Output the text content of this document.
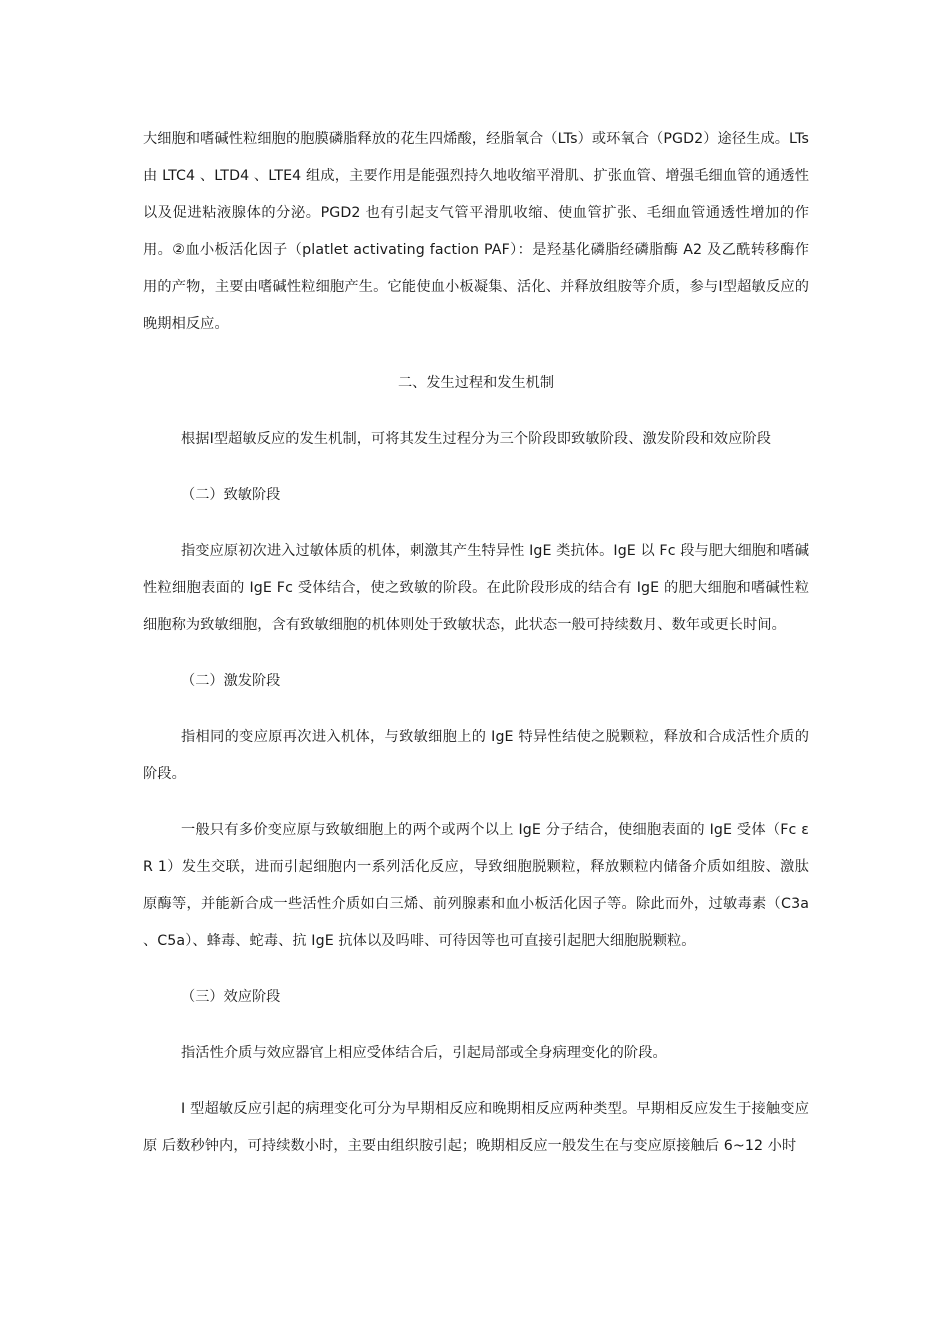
大细胞和嗜碱性粒细胞的胞膜磷脂释放的花生四烯酸，经脂氧合（LTs）或环氧合（PGD2）途径生成。LTs由 LTC4 、LTD4 、LTE4 组成，主要作用是能强烈持久地收缩平滑肌、扩张血管、增强毛细血管的通透性以及促进粘液腺体的分泌。PGD2 也有引起支气管平滑肌收缩、使血管扩张、毛细血管通透性增加的作用。②血小板活化因子（platlet activating faction PAF）：是羟基化磷脂经磷脂酶 A2 及乙酰转移酶作用的产物，主要由嗜碱性粒细胞产生。它能使血小板凝集、活化、并释放组胺等介质，参与Ⅰ型超敏反应的晚期相反应。

二、发生过程和发生机制

根据Ⅰ型超敏反应的发生机制，可将其发生过程分为三个阶段即致敏阶段、激发阶段和效应阶段

（二）致敏阶段

指变应原初次进入过敏体质的机体，刺激其产生特异性 IgE 类抗体。IgE 以 Fc 段与肥大细胞和嗜碱性粒细胞表面的 IgE Fc 受体结合，使之致敏的阶段。在此阶段形成的结合有 IgE 的肥大细胞和嗜碱性粒细胞称为致敏细胞，含有致敏细胞的机体则处于致敏状态，此状态一般可持续数月、数年或更长时间。

（二）激发阶段

指相同的变应原再次进入机体，与致敏细胞上的 IgE 特异性结使之脱颗粒，释放和合成活性介质的阶段。

一般只有多价变应原与致敏细胞上的两个或两个以上 IgE 分子结合，使细胞表面的 IgE 受体（Fc ε R 1）发生交联，进而引起细胞内一系列活化反应，导致细胞脱颗粒，释放颗粒内储备介质如组胺、激肽原酶等，并能新合成一些活性介质如白三烯、前列腺素和血小板活化因子等。除此而外，过敏毒素（C3a 、C5a）、蜂毒、蛇毒、抗 IgE 抗体以及吗啡、可待因等也可直接引起肥大细胞脱颗粒。

（三）效应阶段

指活性介质与效应器官上相应受体结合后，引起局部或全身病理变化的阶段。

Ⅰ 型超敏反应引起的病理变化可分为早期相反应和晚期相反应两种类型。早期相反应发生于接触变应原 后数秒钟内，可持续数小时，主要由组织胺引起；晚期相反应一般发生在与变应原接触后 6~12 小时
